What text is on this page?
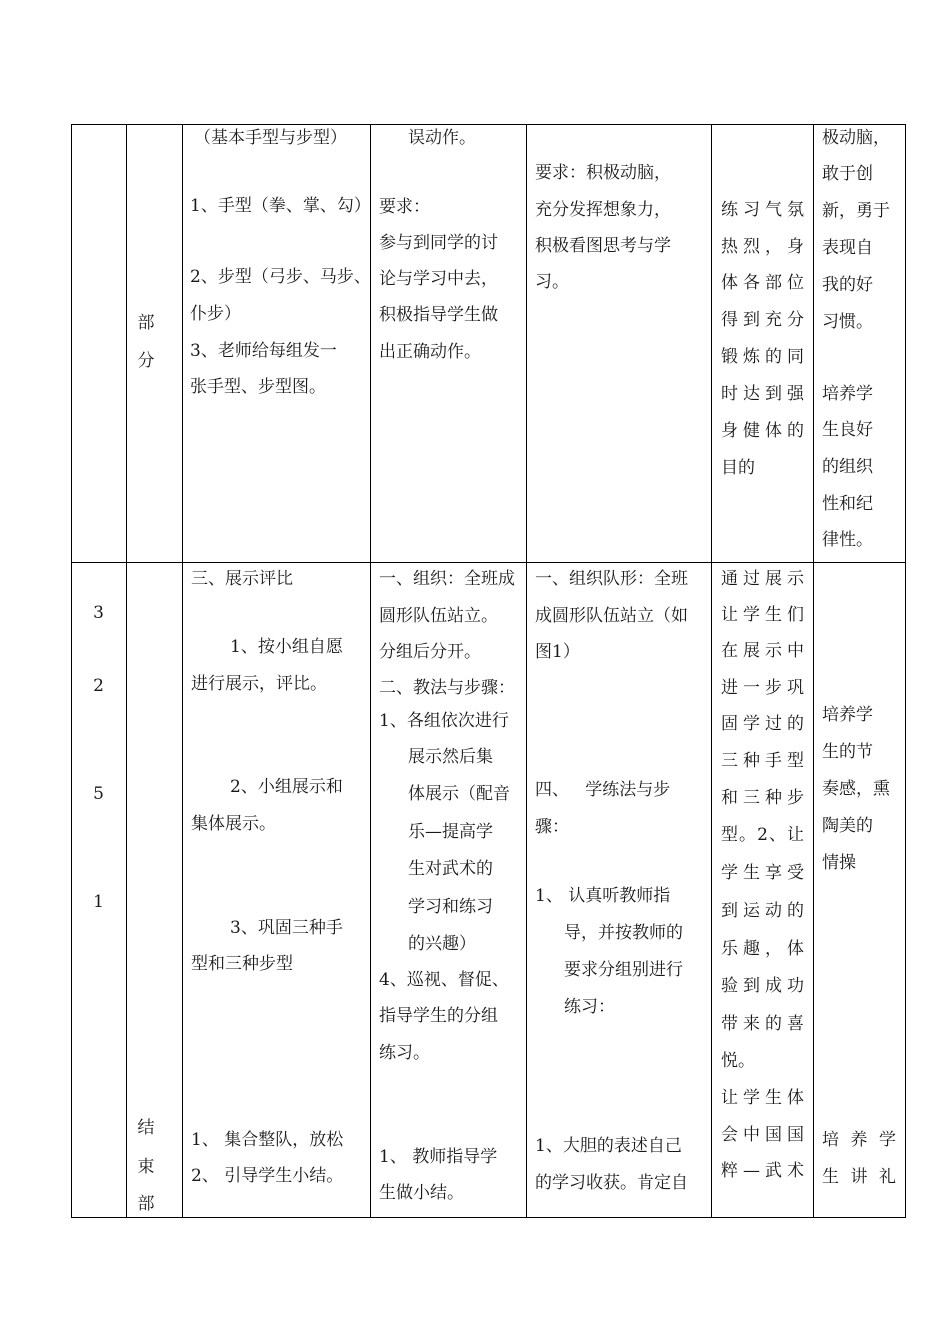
部
分
（基本手型与步型）
1、手型（拳、掌、勾）
2、步型（弓步、马步、
仆步）
3、老师给每组发一
张手型、步型图。
误动作。
要求：
参与到同学的讨
论与学习中去，
积极指导学生做
出正确动作。
要求：积极动脑，
充分发挥想象力，
积极看图思考与学
习。
练习气氛
热烈，身
体各部位
得到充分
锻炼的同
时达到强
身健体的
目的
极动脑，
敢于创
新，勇于
表现自
我的好
习惯。
培养学
生良好
的组织
性和纪
律性。
3
2
5
1
结
束
部
三、展示评比
1、按小组自愿
进行展示，评比。
2、小组展示和
集体展示。
3、巩固三种手
型和三种步型
1、 集合整队，放松
2、 引导学生小结。
一、组织：全班成
圆形队伍站立。
分组后分开。
二、教法与步骤：
1、各组依次进行
展示然后集
体展示（配音
乐—提高学
生对武术的
学习和练习
的兴趣）
4、巡视、督促、
指导学生的分组
练习。
1、 教师指导学
生做小结。
一、组织队形：全班
成圆形队伍站立（如
图1）
四、   学练法与步
骤：
1、 认真听教师指
导，并按教师的
要求分组别进行
练习：
1、大胆的表述自己
的学习收获。肯定自
通过展示
让学生们
在展示中
进一步巩
固学过的
三种手型
和三种步
型。2、让
学生享受
到运动的
乐趣，体
验到成功
带来的喜
悦。
让学生体
会中国国
粹—武术
培养学
生的节
奏感，熏
陶美的
情操
培养学
生讲礼
